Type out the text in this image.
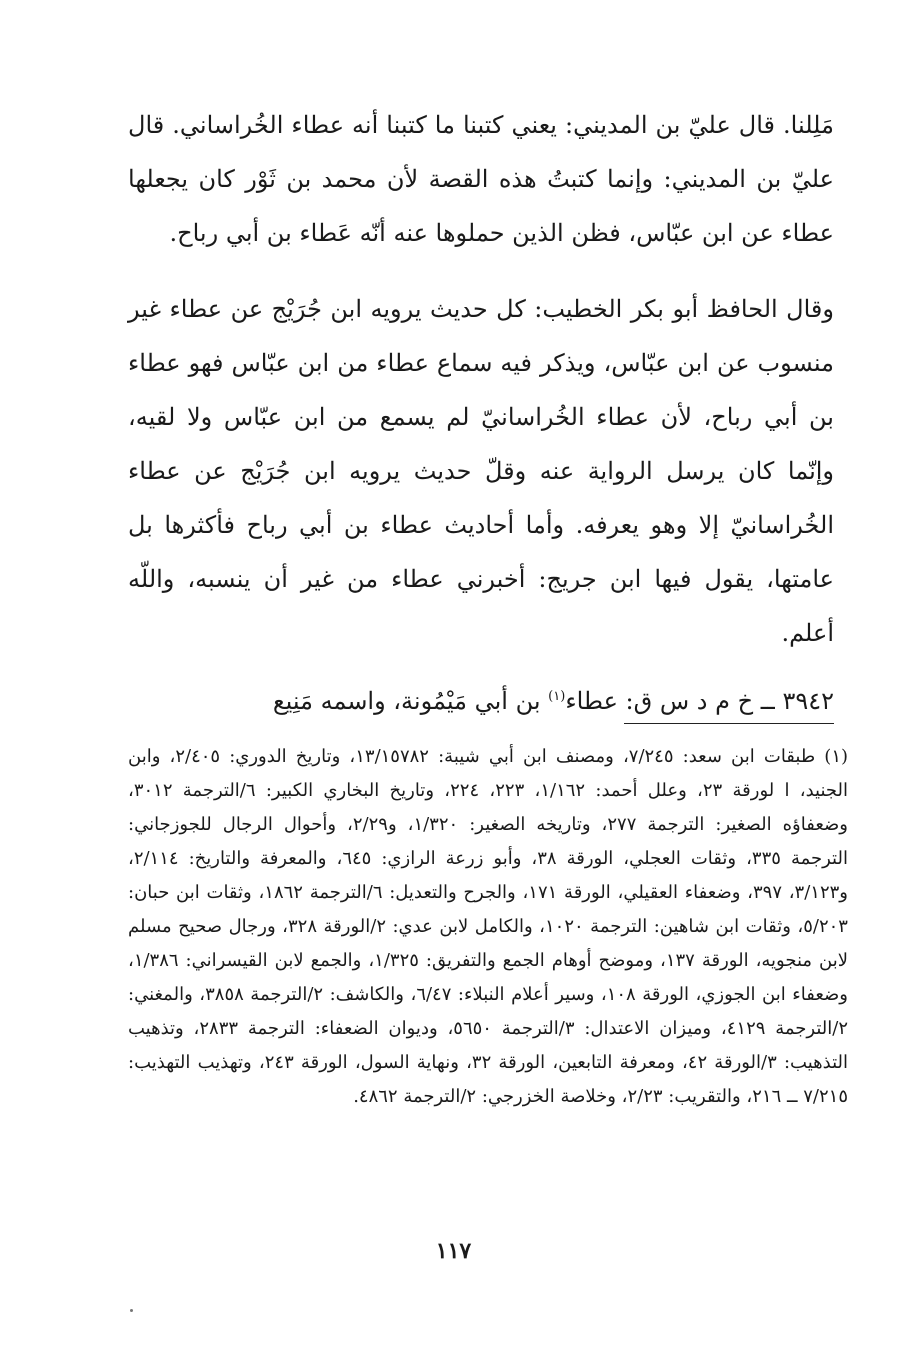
مَلِلنا. قال عليّ بن المديني: يعني كتبنا ما كتبنا أنه عطاء الخُراساني. قال عليّ بن المديني: وإنما كتبتُ هذه القصة لأن محمد بن ثَوْر كان يجعلها عطاء عن ابن عبّاس، فظن الذين حملوها عنه أنّه عَطاء بن أبي رباح.

وقال الحافظ أبو بكر الخطيب: كل حديث يرويه ابن جُرَيْج عن عطاء غير منسوب عن ابن عبّاس، ويذكر فيه سماع عطاء من ابن عبّاس فهو عطاء بن أبي رباح، لأن عطاء الخُراسانيّ لم يسمع من ابن عبّاس ولا لقيه، وإنّما كان يرسل الرواية عنه وقلّ حديث يرويه ابن جُرَيْج عن عطاء الخُراسانيّ إلا وهو يعرفه. وأما أحاديث عطاء بن أبي رباح فأكثرها بل عامتها، يقول فيها ابن جريج: أخبرني عطاء من غير أن ينسبه، واللّه أعلم.

٣٩٤٢ ــ خ م د س ق: عطاء$^{(١)}$ بن أبي مَيْمُونة، واسمه مَنِيع

(١) طبقات ابن سعد: ٧/٢٤٥، ومصنف ابن أبي شيبة: ١٣/١٥٧٨٢، وتاريخ الدوري: ٢/٤٠٥، وابن الجنيد، ا لورقة ٢٣، وعلل أحمد: ١/١٦٢، ٢٢٣، ٢٢٤، وتاريخ البخاري الكبير: ٦/الترجمة ٣٠١٢، وضعفاؤه الصغير: الترجمة ٢٧٧، وتاريخه الصغير: ١/٣٢٠، و٢/٢٩، وأحوال الرجال للجوزجاني: الترجمة ٣٣٥، وثقات العجلي، الورقة ٣٨، وأبو زرعة الرازي: ٦٤٥، والمعرفة والتاريخ: ٢/١١٤، و٣/١٢٣، ٣٩٧، وضعفاء العقيلي، الورقة ١٧١، والجرح والتعديل: ٦/الترجمة ١٨٦٢، وثقات ابن حبان: ٥/٢٠٣، وثقات ابن شاهين: الترجمة ١٠٢٠، والكامل لابن عدي: ٢/الورقة ٣٢٨، ورجال صحيح مسلم لابن منجويه، الورقة ١٣٧، وموضح أوهام الجمع والتفريق: ١/٣٢٥، والجمع لابن القيسراني: ١/٣٨٦، وضعفاء ابن الجوزي، الورقة ١٠٨، وسير أعلام النبلاء: ٦/٤٧، والكاشف: ٢/الترجمة ٣٨٥٨، والمغني: ٢/الترجمة ٤١٢٩، وميزان الاعتدال: ٣/الترجمة ٥٦٥٠، وديوان الضعفاء: الترجمة ٢٨٣٣، وتذهيب التذهيب: ٣/الورقة ٤٢، ومعرفة التابعين، الورقة ٣٢، ونهاية السول، الورقة ٢٤٣، وتهذيب التهذيب: ٧/٢١٥ ــ ٢١٦، والتقريب: ٢/٢٣، وخلاصة الخزرجي: ٢/الترجمة ٤٨٦٢.

١١٧
